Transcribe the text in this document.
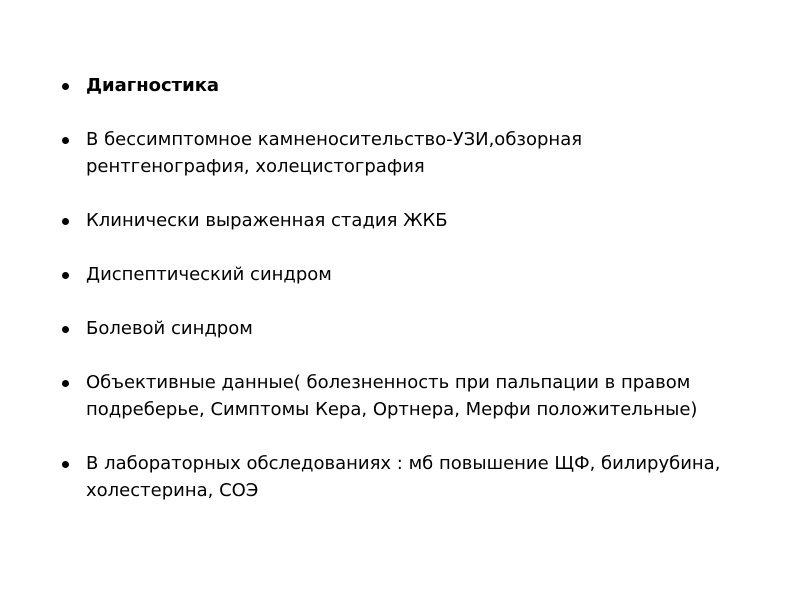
Диагностика
В бессимптомное камненосительство-УЗИ,обзорная рентгенография, холецистография
Клинически выраженная стадия ЖКБ
Диспептический синдром
Болевой синдром
Объективные данные( болезненность при пальпации в правом подреберье, Симптомы Кера, Ортнера, Мерфи положительные)
В лабораторных обследованиях : мб повышение ЩФ, билирубина, холестерина, СОЭ
